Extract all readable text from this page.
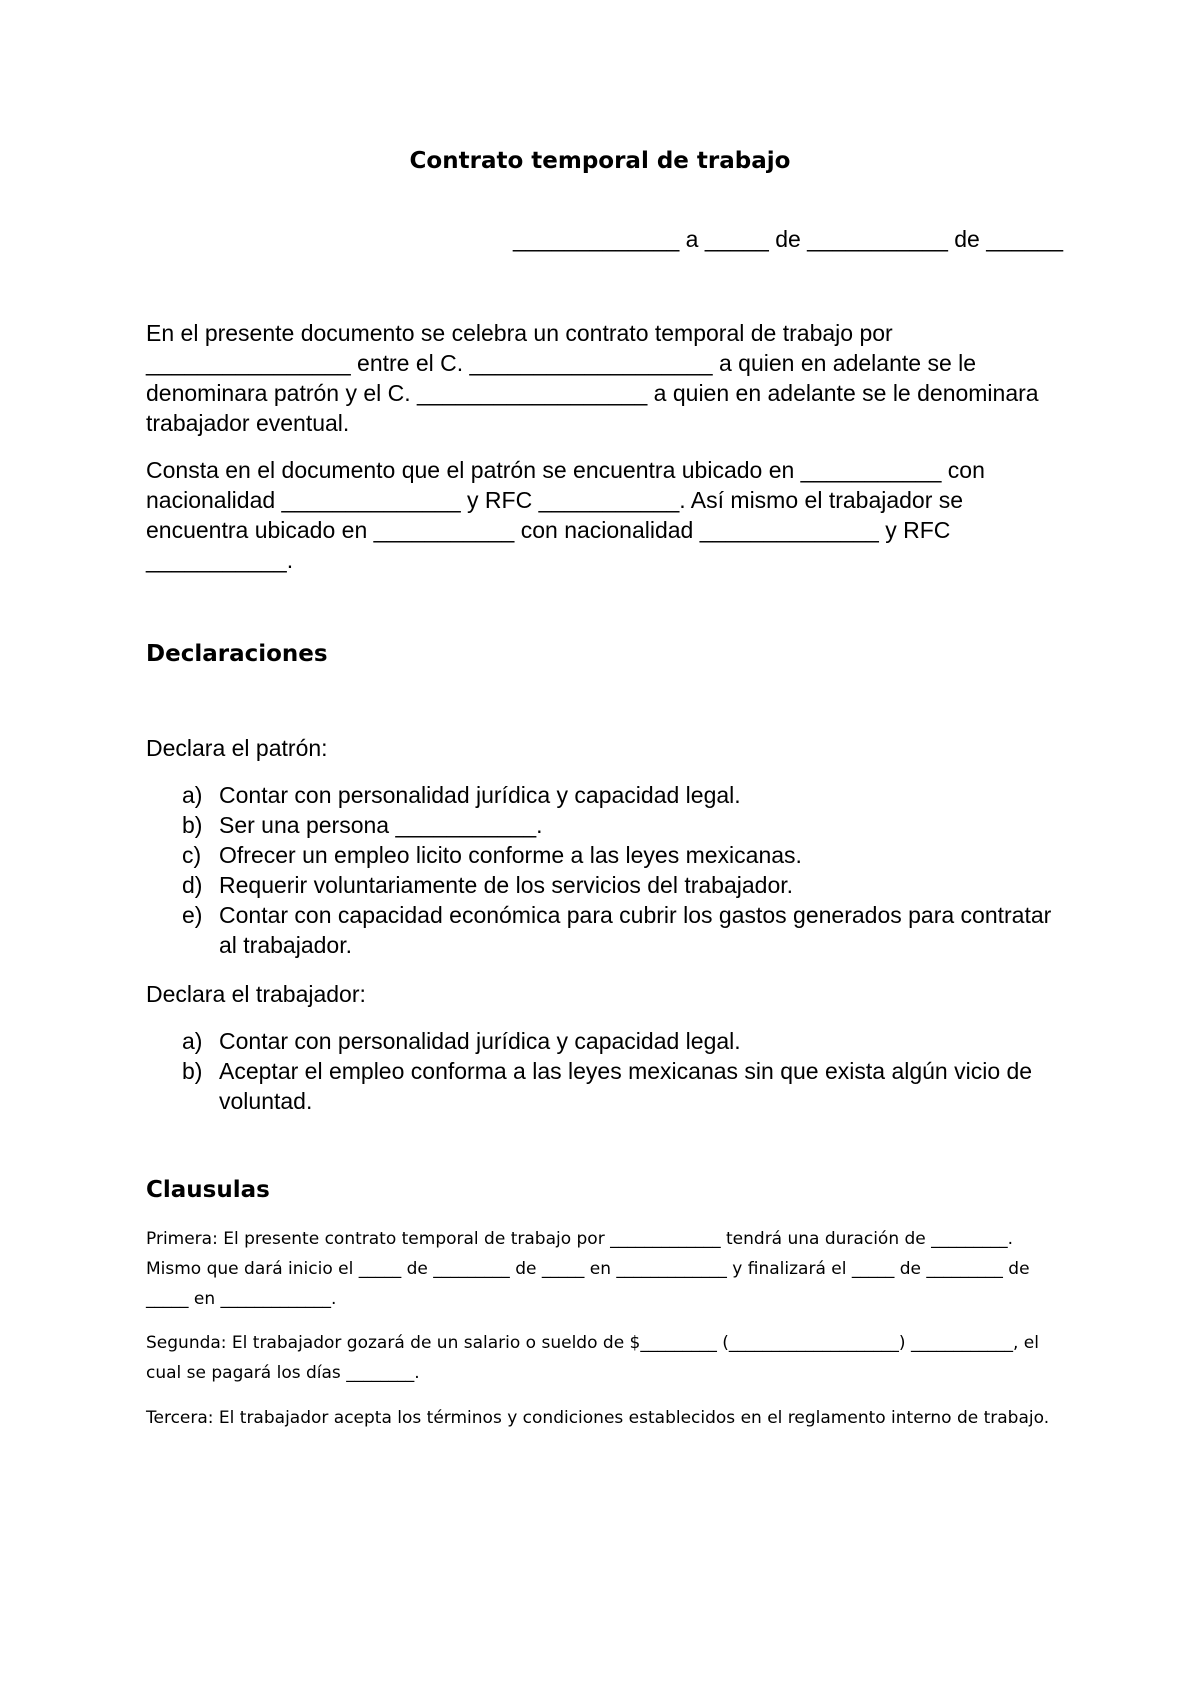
Contrato temporal de trabajo
_____________ a _____ de ___________ de ______

En el presente documento se celebra un contrato temporal de trabajo por ________________ entre el C. ___________________ a quien en adelante se le denominara patrón y el C. __________________ a quien en adelante se le denominara trabajador eventual.

Consta en el documento que el patrón se encuentra ubicado en ___________ con nacionalidad ______________ y RFC ___________. Así mismo el trabajador se encuentra ubicado en ___________ con nacionalidad ______________ y RFC ___________.

Declaraciones

Declara el patrón:

a) Contar con personalidad jurídica y capacidad legal.
b) Ser una persona ___________.
c) Ofrecer un empleo licito conforme a las leyes mexicanas.
d) Requerir voluntariamente de los servicios del trabajador.
e) Contar con capacidad económica para cubrir los gastos generados para contratar al trabajador.

Declara el trabajador:

a) Contar con personalidad jurídica y capacidad legal.
b) Aceptar el empleo conforma a las leyes mexicanas sin que exista algún vicio de voluntad.
Clausulas

Primera: El presente contrato temporal de trabajo por _____________ tendrá una duración de _________. Mismo que dará inicio el _____ de _________ de _____ en _____________ y finalizará el _____ de _________ de _____ en _____________.

Segunda: El trabajador gozará de un salario o sueldo de $_________ (____________________) ____________, el cual se pagará los días ________.

Tercera: El trabajador acepta los términos y condiciones establecidos en el reglamento interno de trabajo.
